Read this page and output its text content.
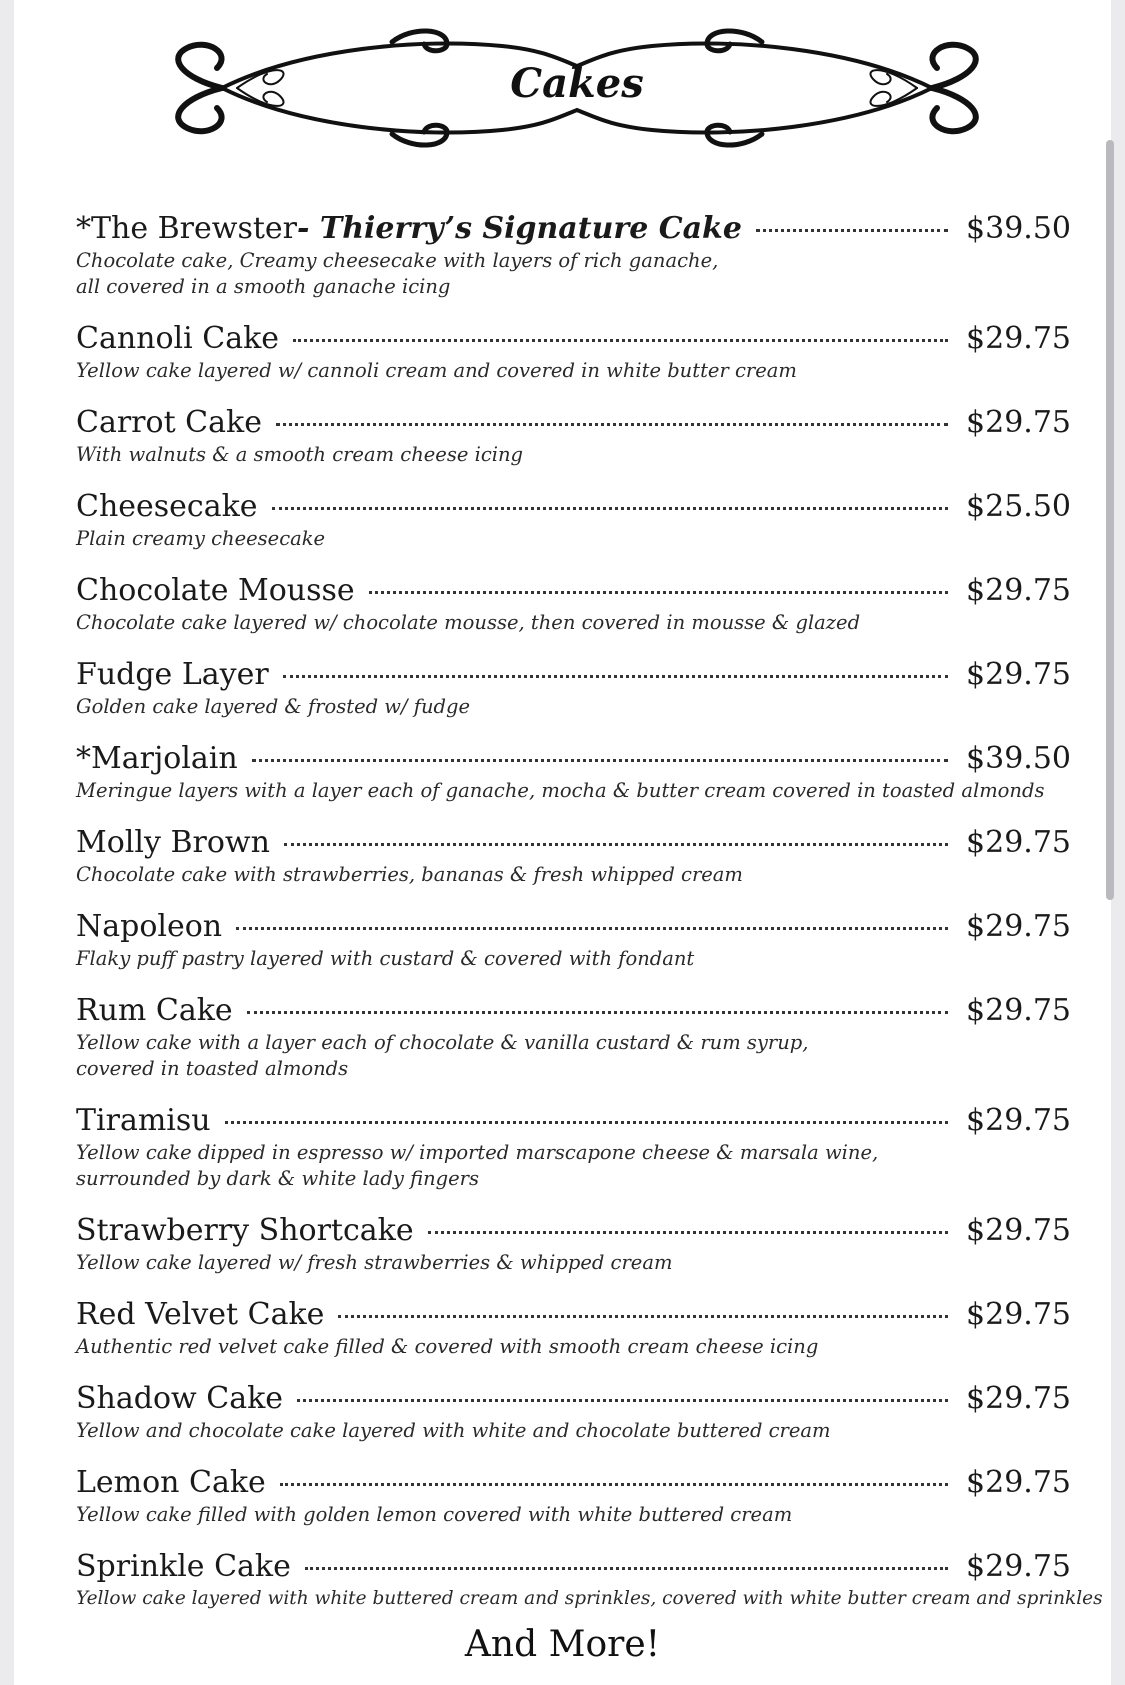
Cakes
*The Brewster - Thierry’s Signature Cake	$39.50
Chocolate cake, Creamy cheesecake with layers of rich ganache,
all covered in a smooth ganache icing
Cannoli Cake	$29.75
Yellow cake layered w/ cannoli cream and covered in white butter cream
Carrot Cake	$29.75
With walnuts & a smooth cream cheese icing
Cheesecake	$25.50
Plain creamy cheesecake
Chocolate Mousse	$29.75
Chocolate cake layered w/ chocolate mousse, then covered in mousse & glazed
Fudge Layer	$29.75
Golden cake layered & frosted w/ fudge
*Marjolain	$39.50
Meringue layers with a layer each of ganache, mocha & butter cream covered in toasted almonds
Molly Brown	$29.75
Chocolate cake with strawberries, bananas & fresh whipped cream
Napoleon	$29.75
Flaky puff pastry layered with custard & covered with fondant
Rum Cake	$29.75
Yellow cake with a layer each of chocolate & vanilla custard & rum syrup,
covered in toasted almonds
Tiramisu	$29.75
Yellow cake dipped in espresso w/ imported marscapone cheese & marsala wine,
surrounded by dark & white lady fingers
Strawberry Shortcake	$29.75
Yellow cake layered w/ fresh strawberries & whipped cream
Red Velvet Cake	$29.75
Authentic red velvet cake filled & covered with smooth cream cheese icing
Shadow Cake	$29.75
Yellow and chocolate cake layered with white and chocolate buttered cream
Lemon Cake	$29.75
Yellow cake filled with golden lemon covered with white buttered cream
Sprinkle Cake	$29.75
Yellow cake layered with white buttered cream and sprinkles, covered with white butter cream and sprinkles
And More!
